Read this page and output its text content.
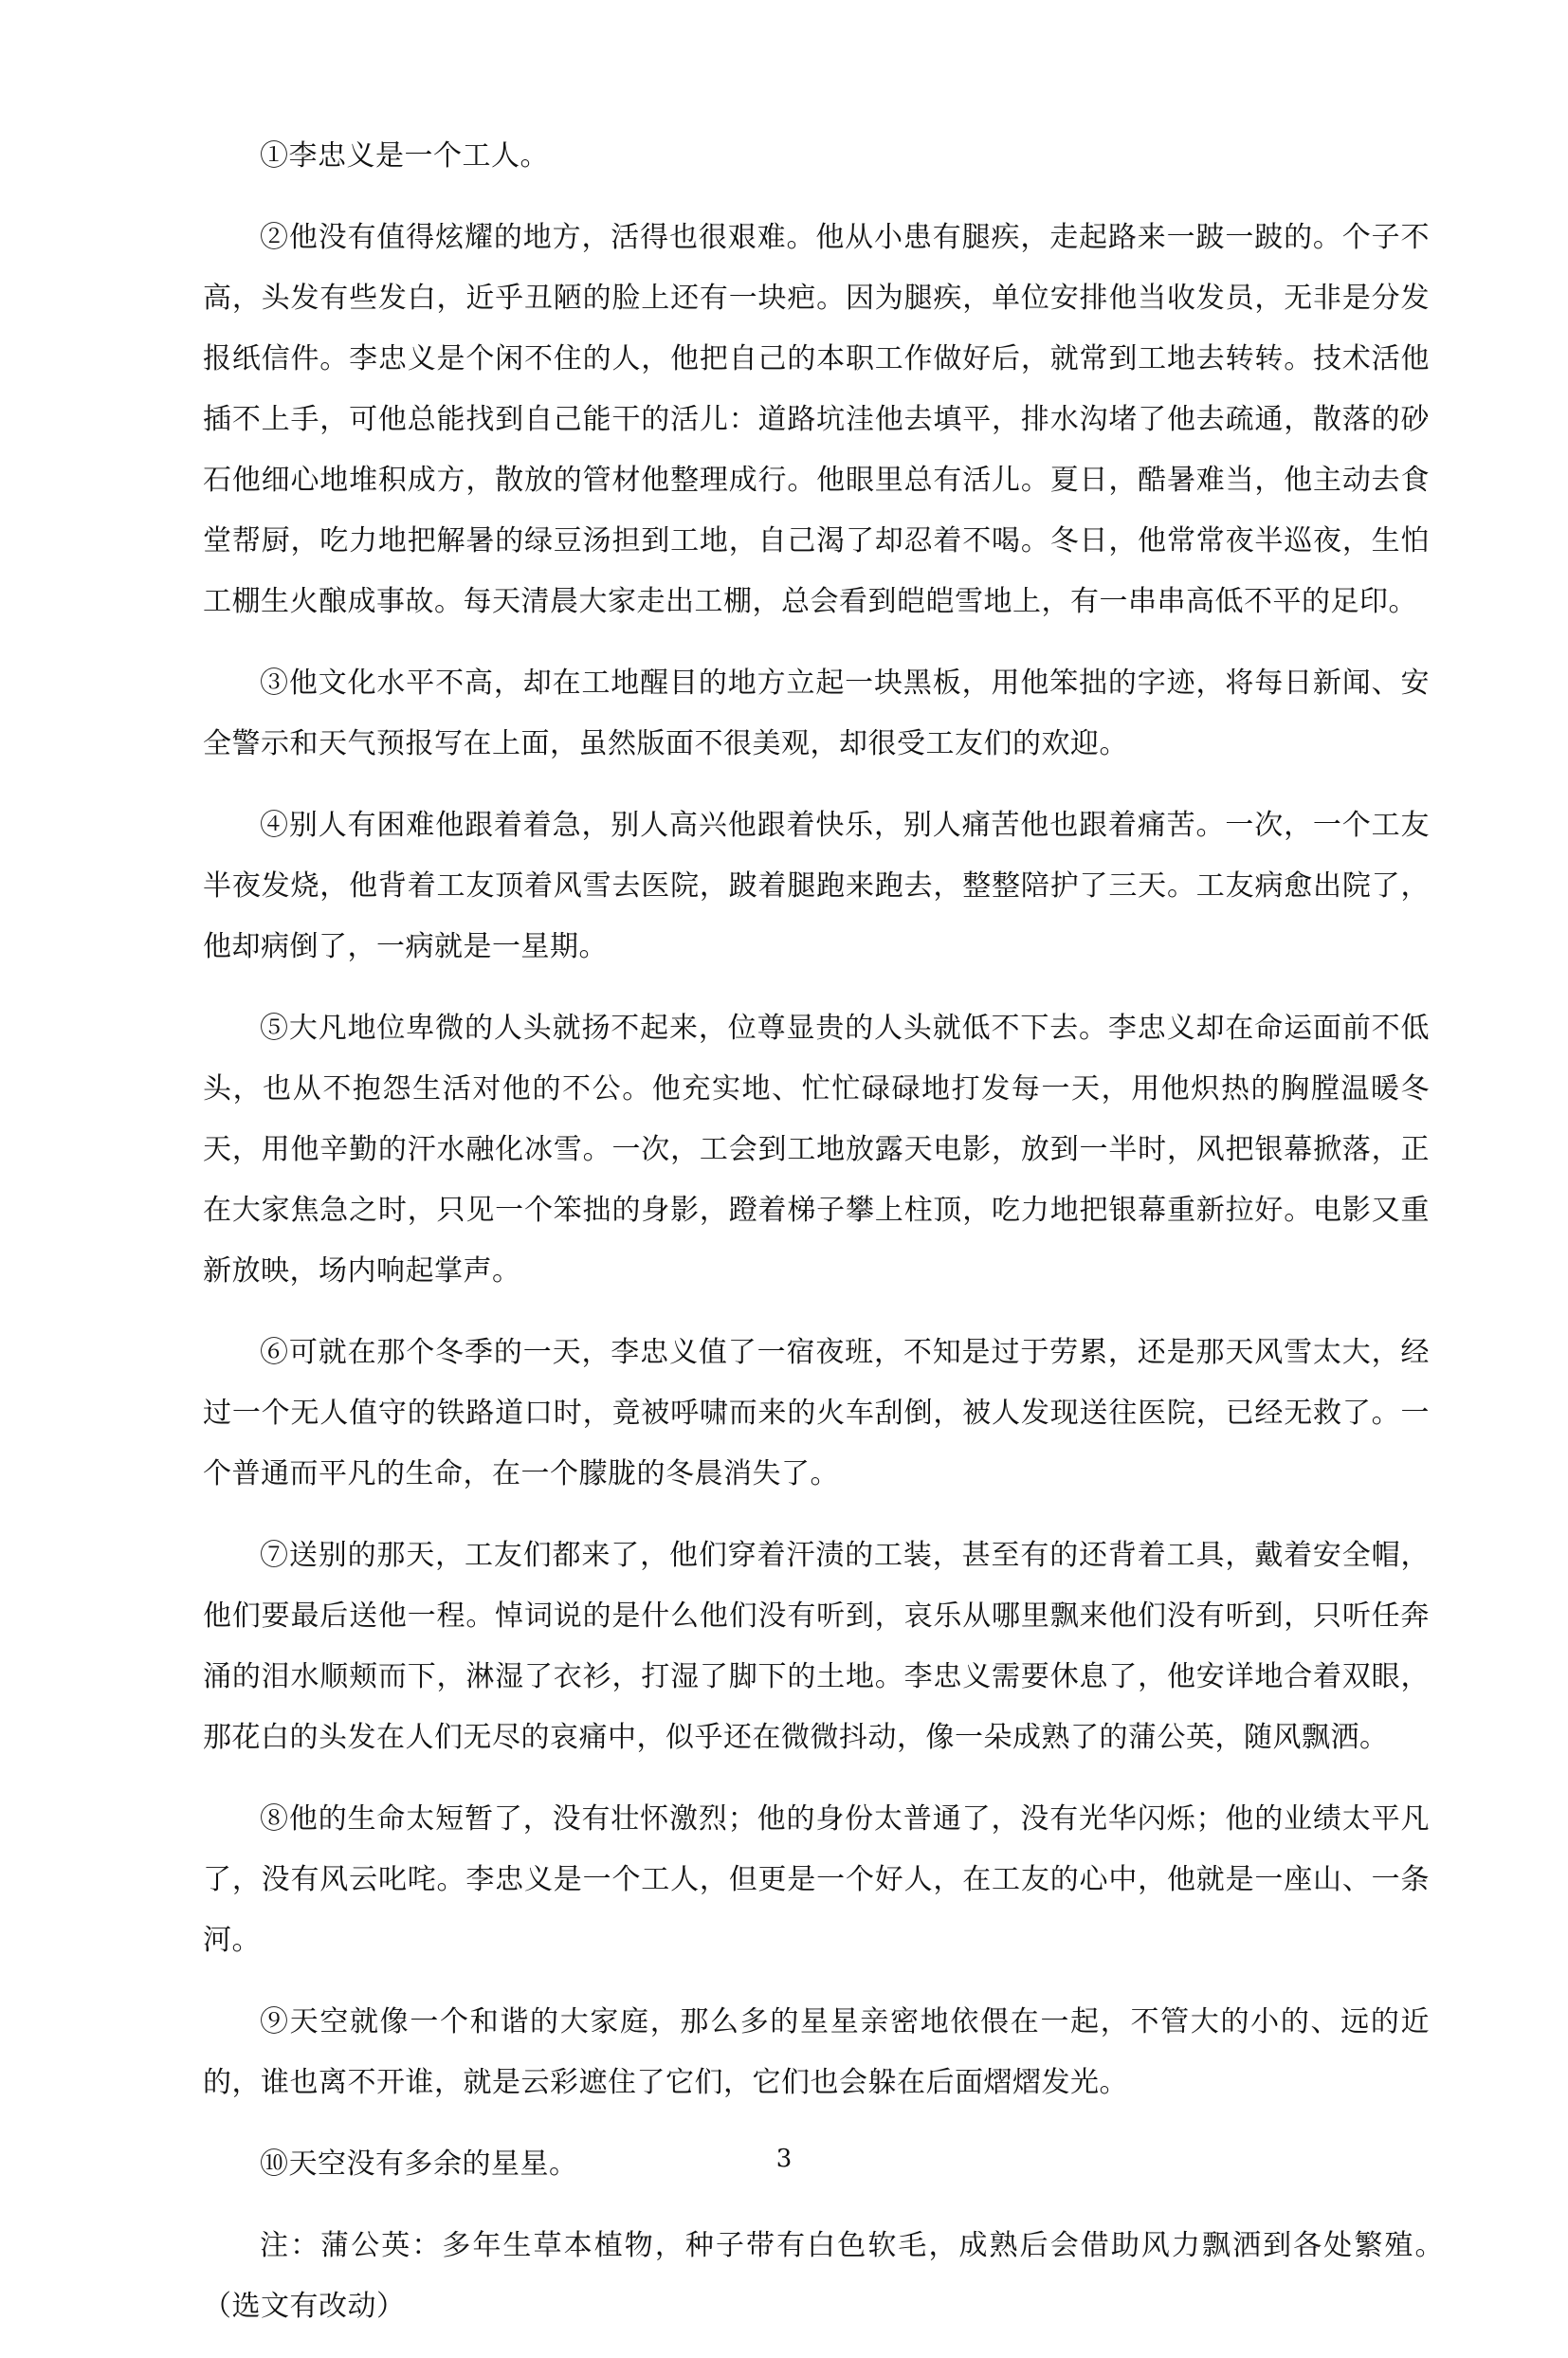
①李忠义是一个工人。

②他没有值得炫耀的地方，活得也很艰难。他从小患有腿疾，走起路来一跛一跛的。个子不高，头发有些发白，近乎丑陋的脸上还有一块疤。因为腿疾，单位安排他当收发员，无非是分发报纸信件。李忠义是个闲不住的人，他把自己的本职工作做好后，就常到工地去转转。技术活他插不上手，可他总能找到自己能干的活儿：道路坑洼他去填平，排水沟堵了他去疏通，散落的砂石他细心地堆积成方，散放的管材他整理成行。他眼里总有活儿。夏日，酷暑难当，他主动去食堂帮厨，吃力地把解暑的绿豆汤担到工地，自己渴了却忍着不喝。冬日，他常常夜半巡夜，生怕工棚生火酿成事故。每天清晨大家走出工棚，总会看到皑皑雪地上，有一串串高低不平的足印。

③他文化水平不高，却在工地醒目的地方立起一块黑板，用他笨拙的字迹，将每日新闻、安全警示和天气预报写在上面，虽然版面不很美观，却很受工友们的欢迎。

④别人有困难他跟着着急，别人高兴他跟着快乐，别人痛苦他也跟着痛苦。一次，一个工友半夜发烧，他背着工友顶着风雪去医院，跛着腿跑来跑去，整整陪护了三天。工友病愈出院了，他却病倒了，一病就是一星期。

⑤大凡地位卑微的人头就扬不起来，位尊显贵的人头就低不下去。李忠义却在命运面前不低头，也从不抱怨生活对他的不公。他充实地、忙忙碌碌地打发每一天，用他炽热的胸膛温暖冬天，用他辛勤的汗水融化冰雪。一次，工会到工地放露天电影，放到一半时，风把银幕掀落，正在大家焦急之时，只见一个笨拙的身影，蹬着梯子攀上柱顶，吃力地把银幕重新拉好。电影又重新放映，场内响起掌声。

⑥可就在那个冬季的一天，李忠义值了一宿夜班，不知是过于劳累，还是那天风雪太大，经过一个无人值守的铁路道口时，竟被呼啸而来的火车刮倒，被人发现送往医院，已经无救了。一个普通而平凡的生命，在一个朦胧的冬晨消失了。

⑦送别的那天，工友们都来了，他们穿着汗渍的工装，甚至有的还背着工具，戴着安全帽，他们要最后送他一程。悼词说的是什么他们没有听到，哀乐从哪里飘来他们没有听到，只听任奔涌的泪水顺颊而下，淋湿了衣衫，打湿了脚下的土地。李忠义需要休息了，他安详地合着双眼，那花白的头发在人们无尽的哀痛中，似乎还在微微抖动，像一朵成熟了的蒲公英，随风飘洒。

⑧他的生命太短暂了，没有壮怀激烈；他的身份太普通了，没有光华闪烁；他的业绩太平凡了，没有风云叱咤。李忠义是一个工人，但更是一个好人，在工友的心中，他就是一座山、一条河。

⑨天空就像一个和谐的大家庭，那么多的星星亲密地依偎在一起，不管大的小的、远的近的，谁也离不开谁，就是云彩遮住了它们，它们也会躲在后面熠熠发光。

⑩天空没有多余的星星。

注：蒲公英：多年生草本植物，种子带有白色软毛，成熟后会借助风力飘洒到各处繁殖。　（选文有改动）

3
